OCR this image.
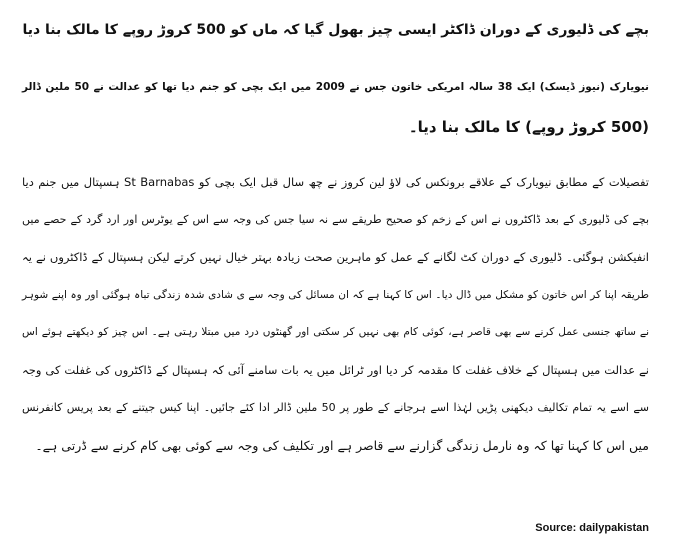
بچے کی ڈلیوری کے دوران ڈاکٹر ایسی چیز بھول گیا کہ ماں کو 500 کروڑ روپے کا مالک بنا دیا
نیویارک (نیوز ڈیسک) ایک 38 سالہ امریکی خاتون جس نے 2009 میں ایک بچی کو جنم دیا تھا کو عدالت نے 50 ملین ڈالر
(500 کروڑ روپے) کا مالک بنا دیا۔
تفصیلات کے مطابق نیویارک کے علاقے برونکس کی لاؤ لین کروز نے چھ سال قبل ایک بچی کو St Barnabas ہسپتال میں جنم دیا
بچے کی ڈلیوری کے بعد ڈاکٹروں نے اس کے زخم کو صحیح طریقے سے نہ سیا جس کی وجہ سے اس کے یوٹرس اور ارد گرد کے حصے میں
انفیکشن ہوگئی۔ ڈلیوری کے دوران کٹ لگانے کے عمل کو ماہرین صحت زیادہ بہتر خیال نہیں کرتے لیکن ہسپتال کے ڈاکٹروں نے یہ
طریقہ اپنا کر اس خاتون کو مشکل میں ڈال دیا۔ اس کا کہنا ہے کہ ان مسائل کی وجہ سے ی شادی شدہ زندگی تباہ ہوگئی اور وہ اپنے شوہر
نے ساتھ جنسی عمل کرنے سے بھی قاصر ہے، کوئی کام بھی نہیں کر سکتی اور گھنٹوں درد میں مبتلا رہتی ہے۔ اس چیز کو دیکھتے ہوئے اس
نے عدالت میں ہسپتال کے خلاف غفلت کا مقدمہ کر دیا اور ٹرائل میں یہ بات سامنے آئی کہ ہسپتال کے ڈاکٹروں کی غفلت کی وجہ
سے اسے یہ تمام تکالیف دیکھنی پڑیں لہٰذا اسے ہرجانے کے طور پر 50 ملین ڈالر ادا کئے جائیں۔ اپنا کیس جیتنے کے بعد پریس کانفرنس
میں اس کا کہنا تھا کہ وہ نارمل زندگی گزارنے سے قاصر ہے اور تکلیف کی وجہ سے کوئی بھی کام کرنے سے ڈرتی ہے۔
Source: dailypakistan
